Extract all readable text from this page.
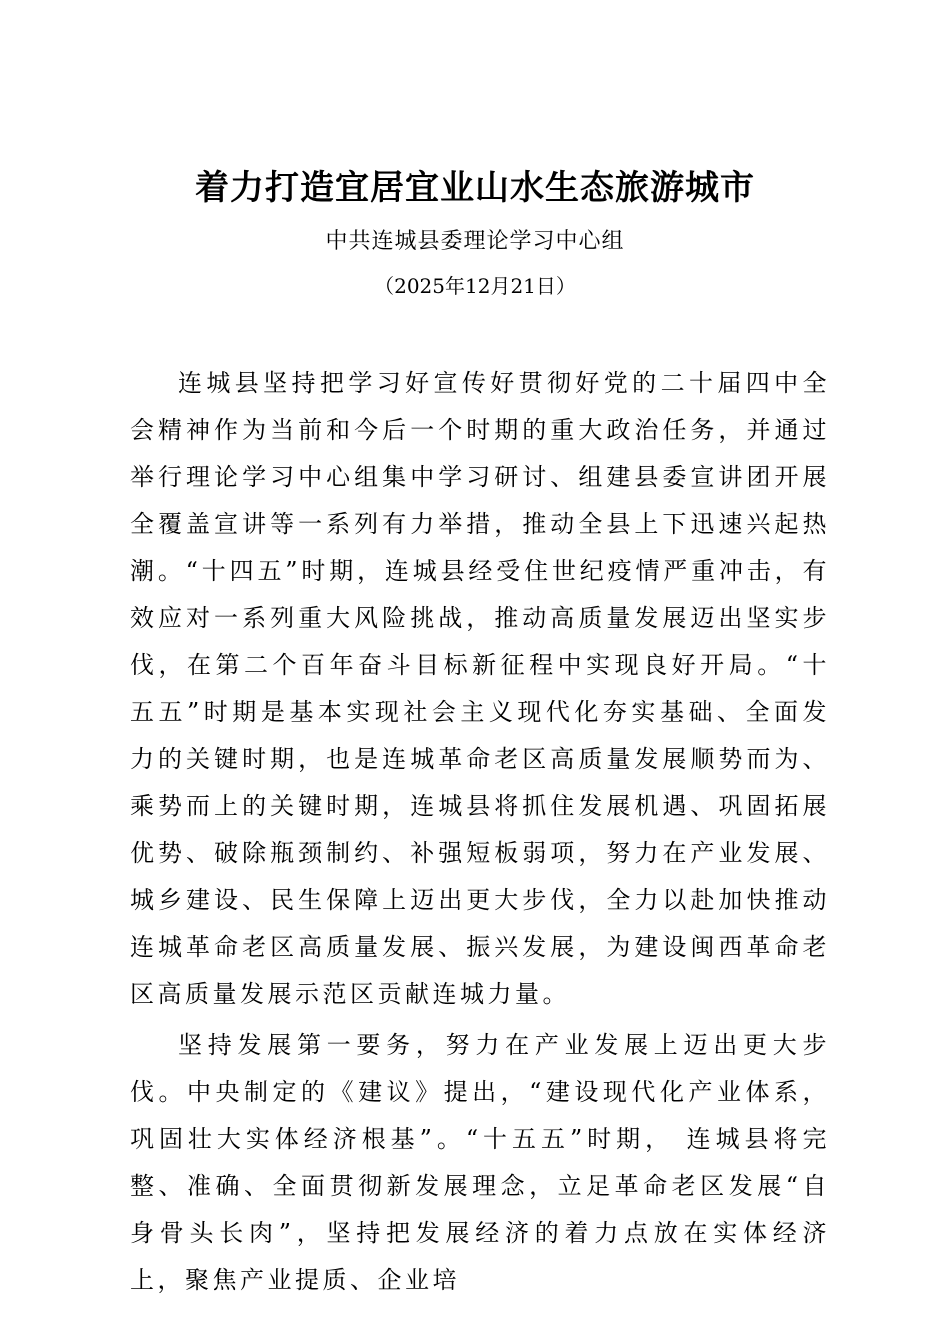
着力打造宜居宜业山水生态旅游城市
中共连城县委理论学习中心组
（2025年12月21日）

连城县坚持把学习好宣传好贯彻好党的二十届四中全会精神作为当前和今后一个时期的重大政治任务，并通过举行理论学习中心组集中学习研讨、组建县委宣讲团开展全覆盖宣讲等一系列有力举措，推动全县上下迅速兴起热潮。“十四五”时期，连城县经受住世纪疫情严重冲击，有效应对一系列重大风险挑战，推动高质量发展迈出坚实步伐，在第二个百年奋斗目标新征程中实现良好开局。“十五五”时期是基本实现社会主义现代化夯实基础、全面发力的关键时期，也是连城革命老区高质量发展顺势而为、乘势而上的关键时期，连城县将抓住发展机遇、巩固拓展优势、破除瓶颈制约、补强短板弱项，努力在产业发展、城乡建设、民生保障上迈出更大步伐，全力以赴加快推动连城革命老区高质量发展、振兴发展，为建设闽西革命老区高质量发展示范区贡献连城力量。

坚持发展第一要务，努力在产业发展上迈出更大步伐。中央制定的《建议》提出，“建设现代化产业体系，巩固壮大实体经济根基”。“十五五”时期， 连城县将完整、准确、全面贯彻新发展理念，立足革命老区发展“自身骨头长肉”，坚持把发展经济的着力点放在实体经济上，聚焦产业提质、企业培
